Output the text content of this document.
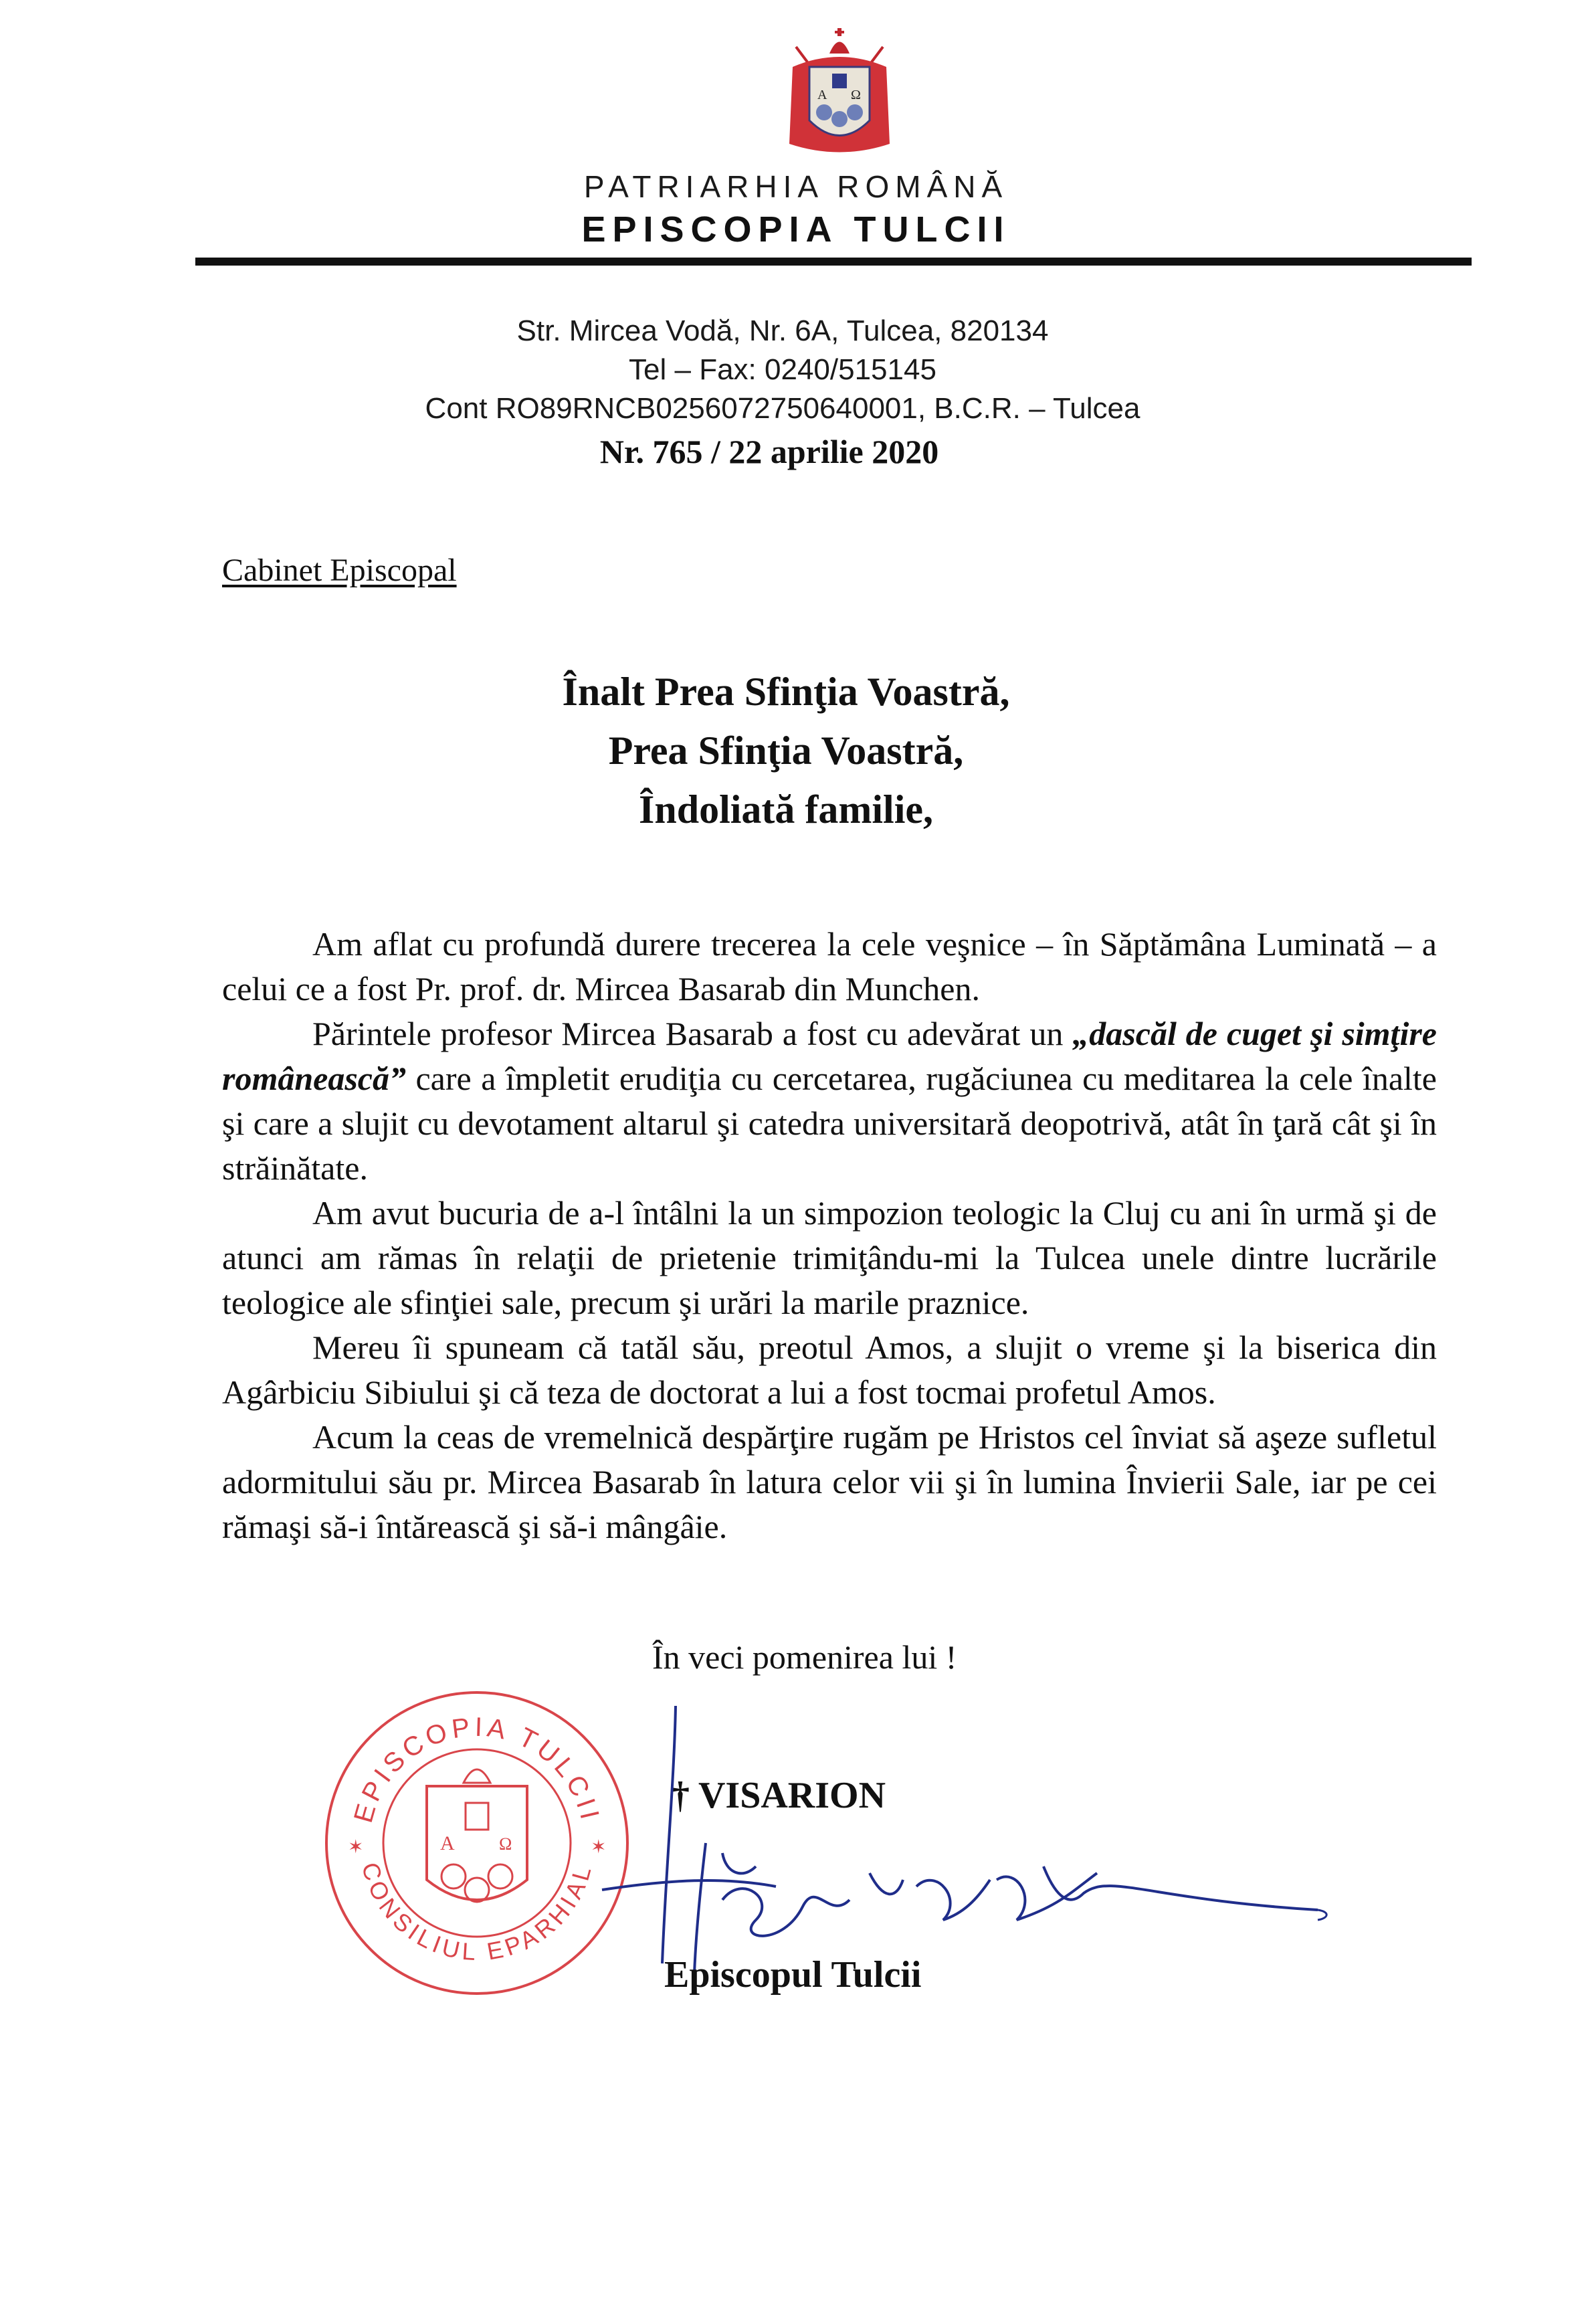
A Ω
PATRIARHIA ROMÂNĂ
EPISCOPIA TULCII
Str. Mircea Vodă, Nr. 6A, Tulcea, 820134
Tel – Fax: 0240/515145
Cont RO89RNCB0256072750640001, B.C.R. – Tulcea
Nr. 765 / 22 aprilie 2020
Cabinet Episcopal
Înalt Prea Sfinţia Voastră,
Prea Sfinţia Voastră,
Îndoliată familie,

Am aflat cu profundă durere trecerea la cele veşnice – în Săptămâna Luminată – a celui ce a fost Pr. prof. dr. Mircea Basarab din Munchen.

Părintele profesor Mircea Basarab a fost cu adevărat un „dascăl de cuget şi simţire românească” care a împletit erudiţia cu cercetarea, rugăciunea cu meditarea la cele înalte şi care a slujit cu devotament altarul şi catedra universitară deopotrivă, atât în ţară cât şi în străinătate.

Am avut bucuria de a-l întâlni la un simpozion teologic la Cluj cu ani în urmă şi de atunci am rămas în relaţii de prietenie trimiţându-mi la Tulcea unele dintre lucrările teologice ale sfinţiei sale, precum şi urări la marile praznice.

Mereu îi spuneam că tatăl său, preotul Amos, a slujit o vreme şi la biserica din Agârbiciu Sibiului şi că teza de doctorat a lui a fost tocmai profetul Amos.

Acum la ceas de vremelnică despărţire rugăm pe Hristos cel înviat să aşeze sufletul adormitului său pr. Mircea Basarab în latura celor vii şi în lumina Învierii Sale, iar pe cei rămaşi să-i întărească şi să-i mângâie.

În veci pomenirea lui !
EPISCOPIA TULCII
CONSILIUL EPARHIAL
✶	✶
A	Ω
† VISARION
Episcopul Tulcii
